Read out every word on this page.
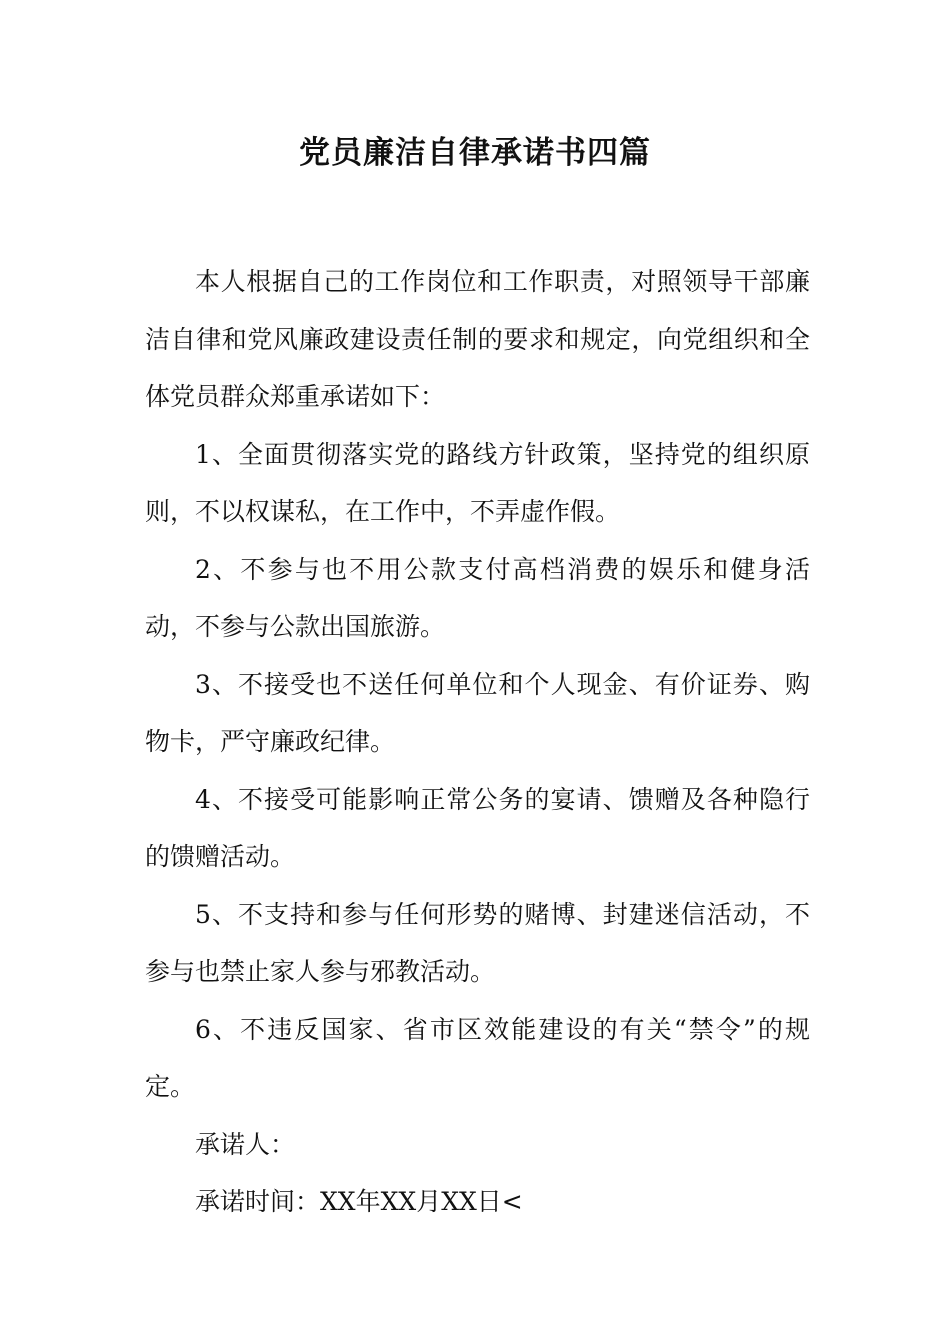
党员廉洁自律承诺书四篇

本人根据自己的工作岗位和工作职责，对照领导干部廉洁自律和党风廉政建设责任制的要求和规定，向党组织和全体党员群众郑重承诺如下：

1、全面贯彻落实党的路线方针政策，坚持党的组织原则，不以权谋私，在工作中，不弄虚作假。

2、不参与也不用公款支付高档消费的娱乐和健身活动，不参与公款出国旅游。

3、不接受也不送任何单位和个人现金、有价证券、购物卡，严守廉政纪律。

4、不接受可能影响正常公务的宴请、馈赠及各种隐行的馈赠活动。

5、不支持和参与任何形势的赌博、封建迷信活动，不参与也禁止家人参与邪教活动。

6、不违反国家、省市区效能建设的有关“禁令”的规定。

承诺人：

承诺时间：XX年XX月XX日<
